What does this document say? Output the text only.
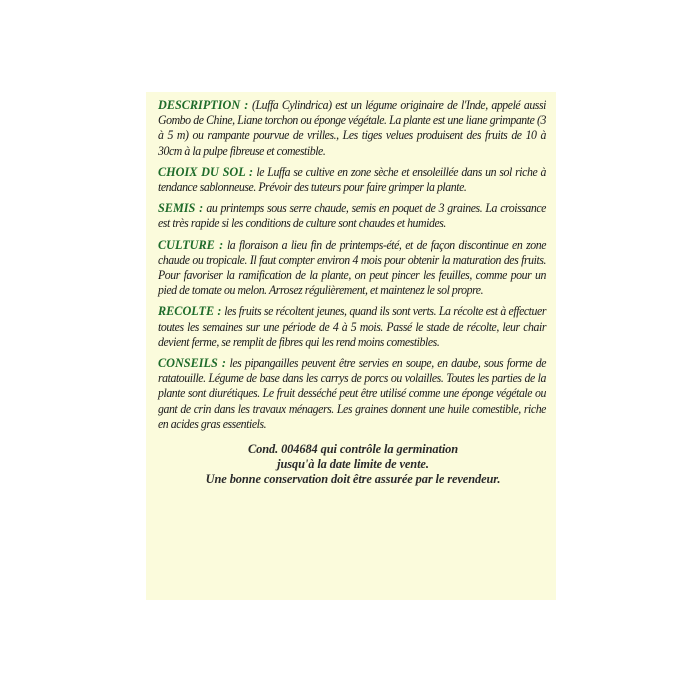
DESCRIPTION : (Luffa Cylindrica) est un légume originaire de l'Inde, appelé aussi Gombo de Chine, Liane torchon ou éponge végétale. La plante est une liane grimpante (3 à 5 m) ou rampante pourvue de vrilles., Les tiges velues produisent des fruits de 10 à 30cm à la pulpe fibreuse et comestible.

CHOIX DU SOL : le Luffa se cultive en zone sèche et ensoleillée dans un sol riche à tendance sablonneuse. Prévoir des tuteurs pour faire grimper la plante.

SEMIS : au printemps sous serre chaude, semis en poquet de 3 graines. La croissance est très rapide si les conditions de culture sont chaudes et humides.

CULTURE : la floraison a lieu fin de printemps-été, et de façon discontinue en zone chaude ou tropicale. Il faut compter environ 4 mois pour obtenir la maturation des fruits. Pour favoriser la ramification de la plante, on peut pincer les feuilles, comme pour un pied de tomate ou melon. Arrosez régulièrement, et maintenez le sol propre.

RECOLTE : les fruits se récoltent jeunes, quand ils sont verts. La récolte est à effectuer toutes les semaines sur une période de 4 à 5 mois. Passé le stade de récolte, leur chair devient ferme, se remplit de fibres qui les rend moins comestibles.

CONSEILS : les pipangailles peuvent être servies en soupe, en daube, sous forme de ratatouille. Légume de base dans les carrys de porcs ou volailles. Toutes les parties de la plante sont diurétiques. Le fruit desséché peut être utilisé comme une éponge végétale ou gant de crin dans les travaux ménagers. Les graines donnent une huile comestible, riche en acides gras essentiels.

Cond. 004684 qui contrôle la germination
jusqu'à la date limite de vente.
Une bonne conservation doit être assurée par le revendeur.
